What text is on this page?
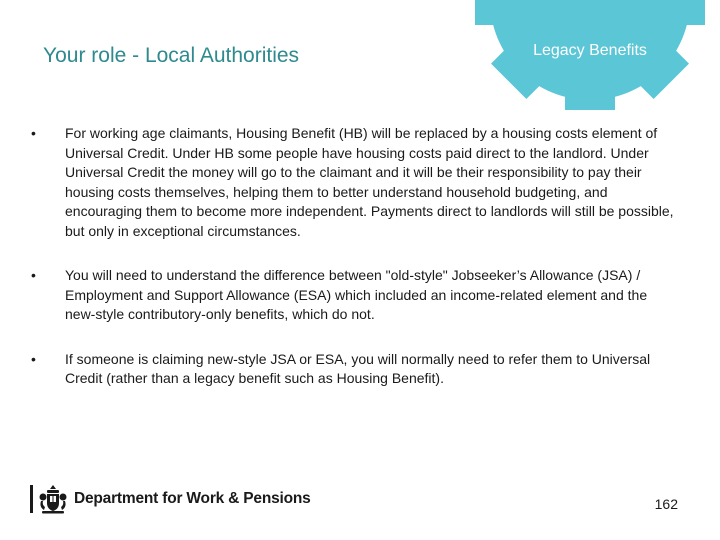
Legacy Benefits
Your role - Local Authorities
•	For working age claimants, Housing Benefit (HB) will be replaced by a housing costs element of Universal Credit. Under HB some people have housing costs paid direct to the landlord. Under Universal Credit the money will go to the claimant and it will be their responsibility to pay their housing costs themselves, helping them to better understand household budgeting, and encouraging them to become more independent. Payments direct to landlords will still be possible, but only in exceptional circumstances.
•	You will need to understand the difference between "old-style" Jobseeker’s Allowance (JSA) / Employment and Support Allowance (ESA) which included an income-related element and the new-style contributory-only benefits, which do not.
•	If someone is claiming new-style JSA or ESA, you will normally need to refer them to Universal Credit (rather than a legacy benefit such as Housing Benefit).
Department for Work & Pensions	162
